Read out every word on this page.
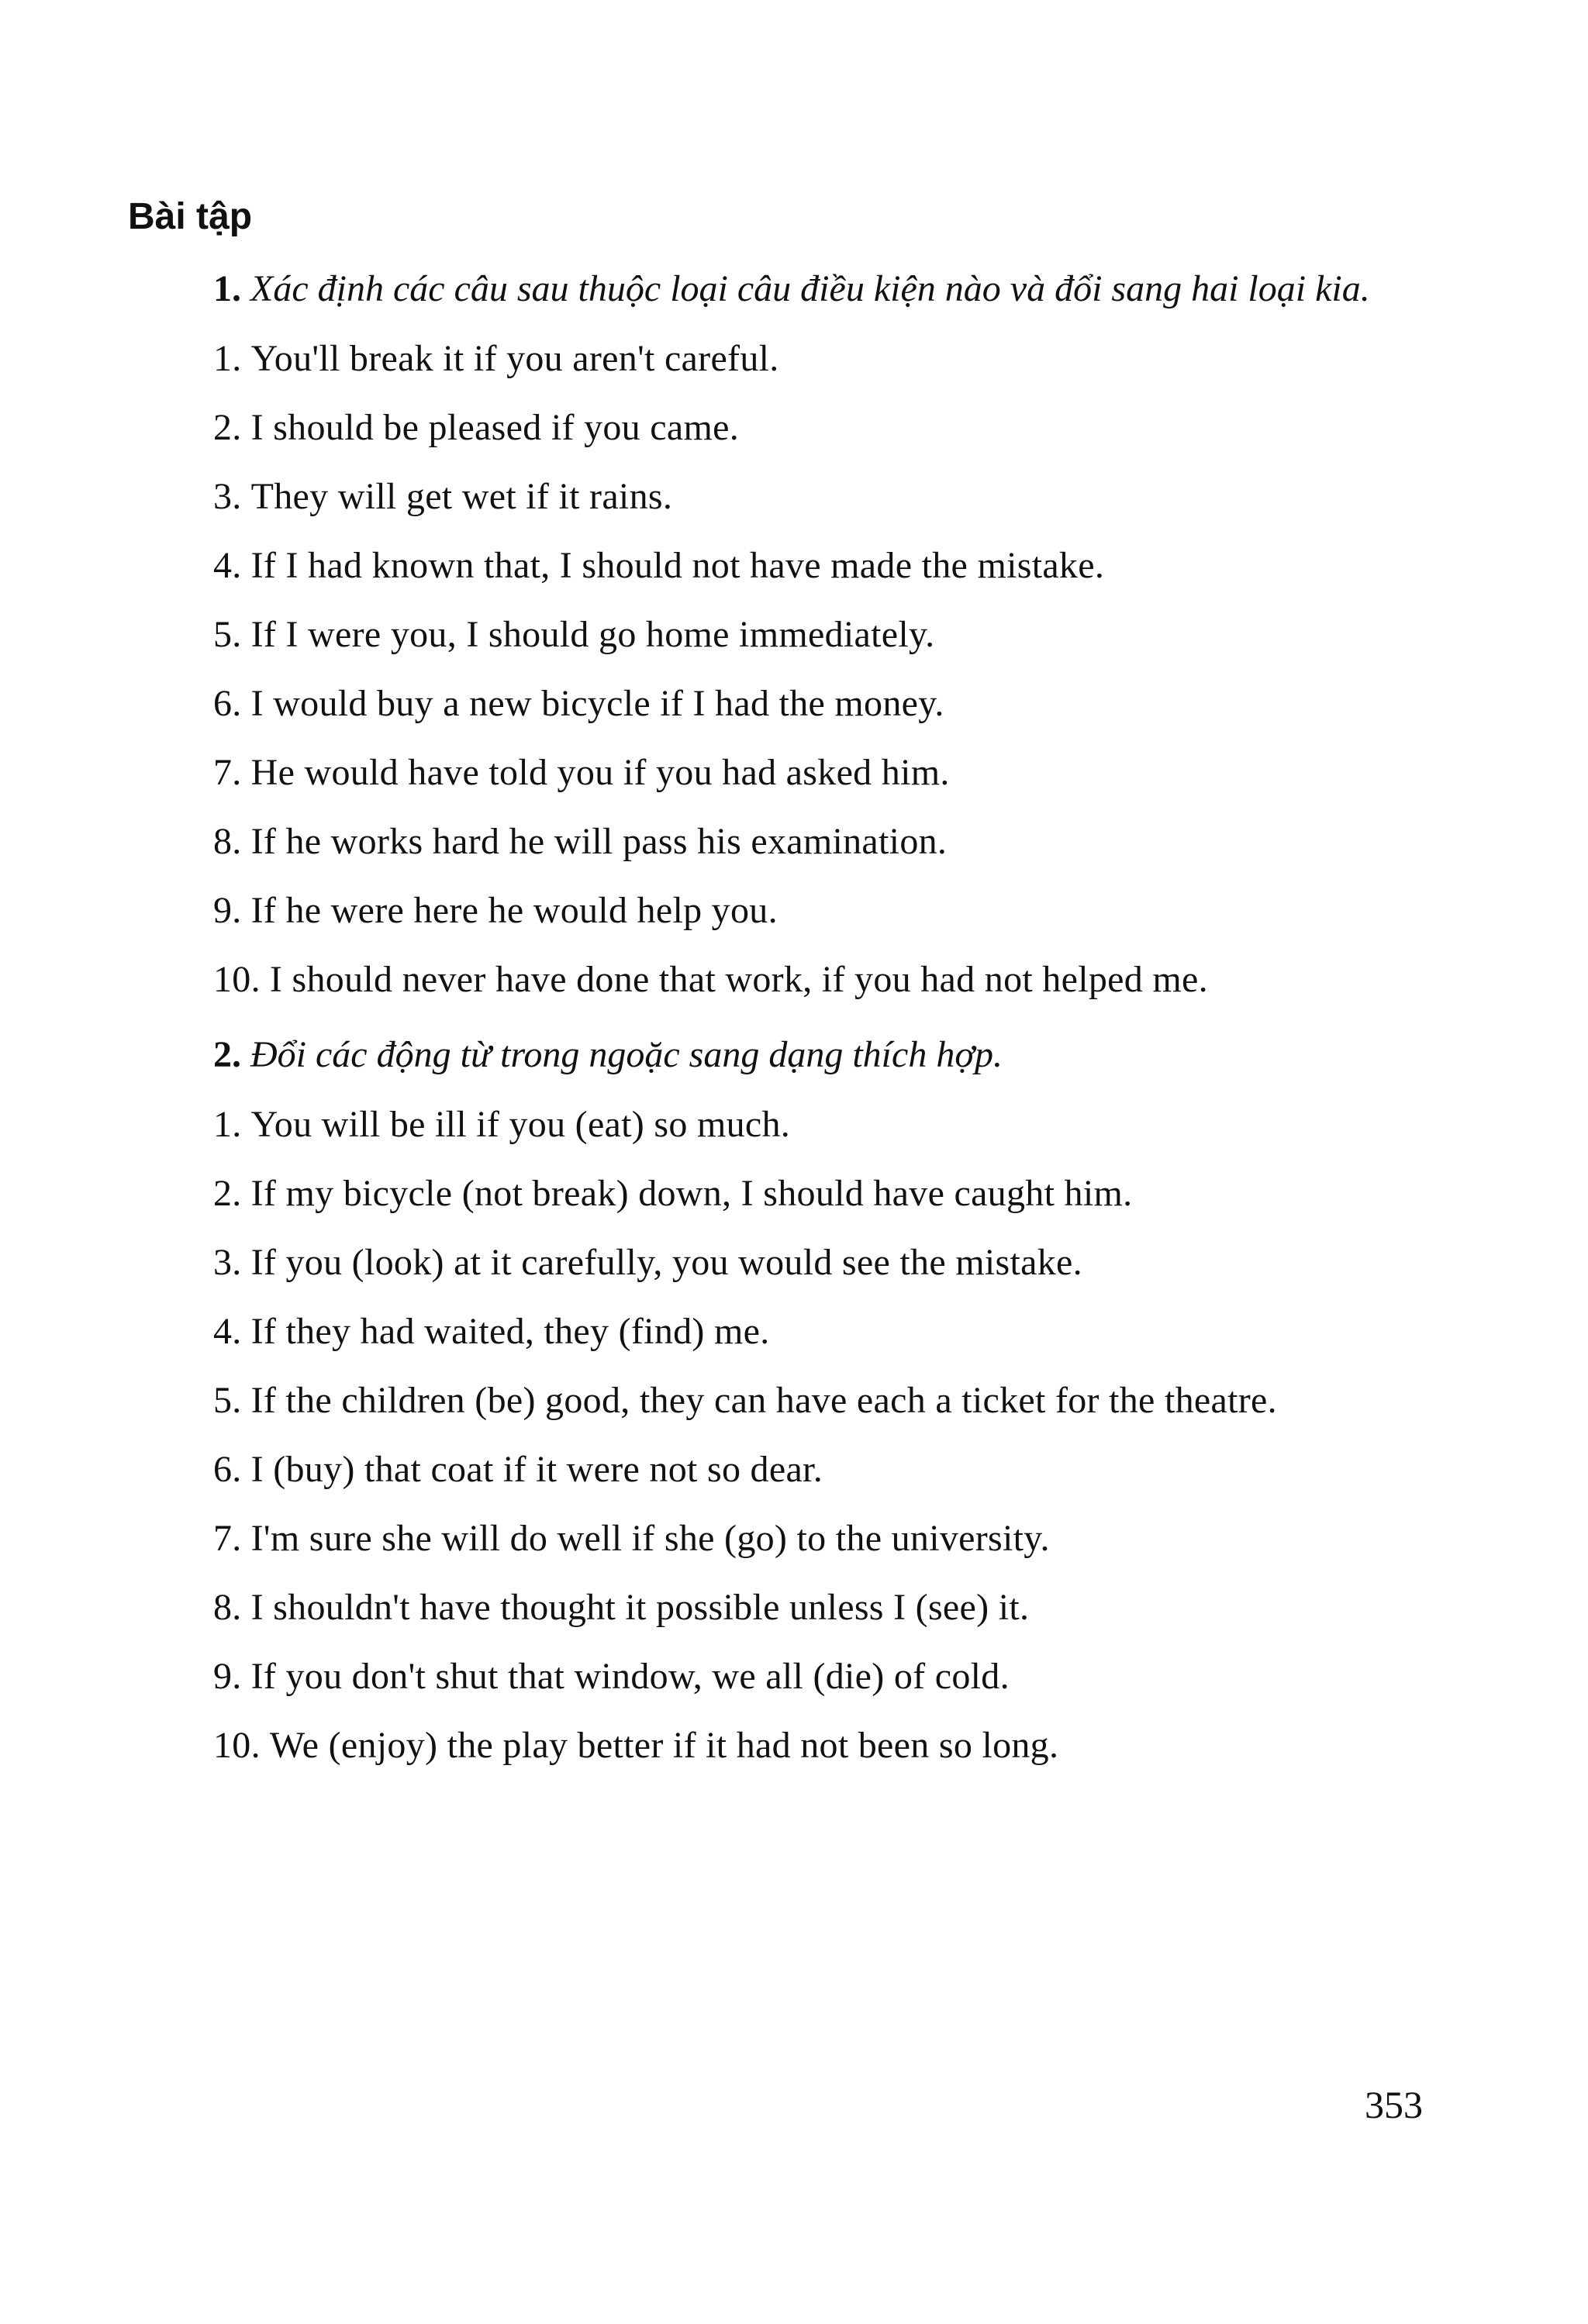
Bài tập

1. Xác định các câu sau thuộc loại câu điều kiện nào và đổi sang hai loại kia.

1. You'll break it if you aren't careful.
2. I should be pleased if you came.
3. They will get wet if it rains.
4. If I had known that, I should not have made the mistake.
5. If I were you, I should go home immediately.
6. I would buy a new bicycle if I had the money.
7. He would have told you if you had asked him.
8. If he works hard he will pass his examination.
9. If he were here he would help you.
10. I should never have done that work, if you had not helped me.

2. Đổi các động từ trong ngoặc sang dạng thích hợp.

1. You will be ill if you (eat) so much.
2. If my bicycle (not break) down, I should have caught him.
3. If you (look) at it carefully, you would see the mistake.
4. If they had waited, they (find) me.
5. If the children (be) good, they can have each a ticket for the theatre.
6. I (buy) that coat if it were not so dear.
7. I'm sure she will do well if she (go) to the university.
8. I shouldn't have thought it possible unless I (see) it.
9. If you don't shut that window, we all (die) of cold.
10. We (enjoy) the play better if it had not been so long.
353
